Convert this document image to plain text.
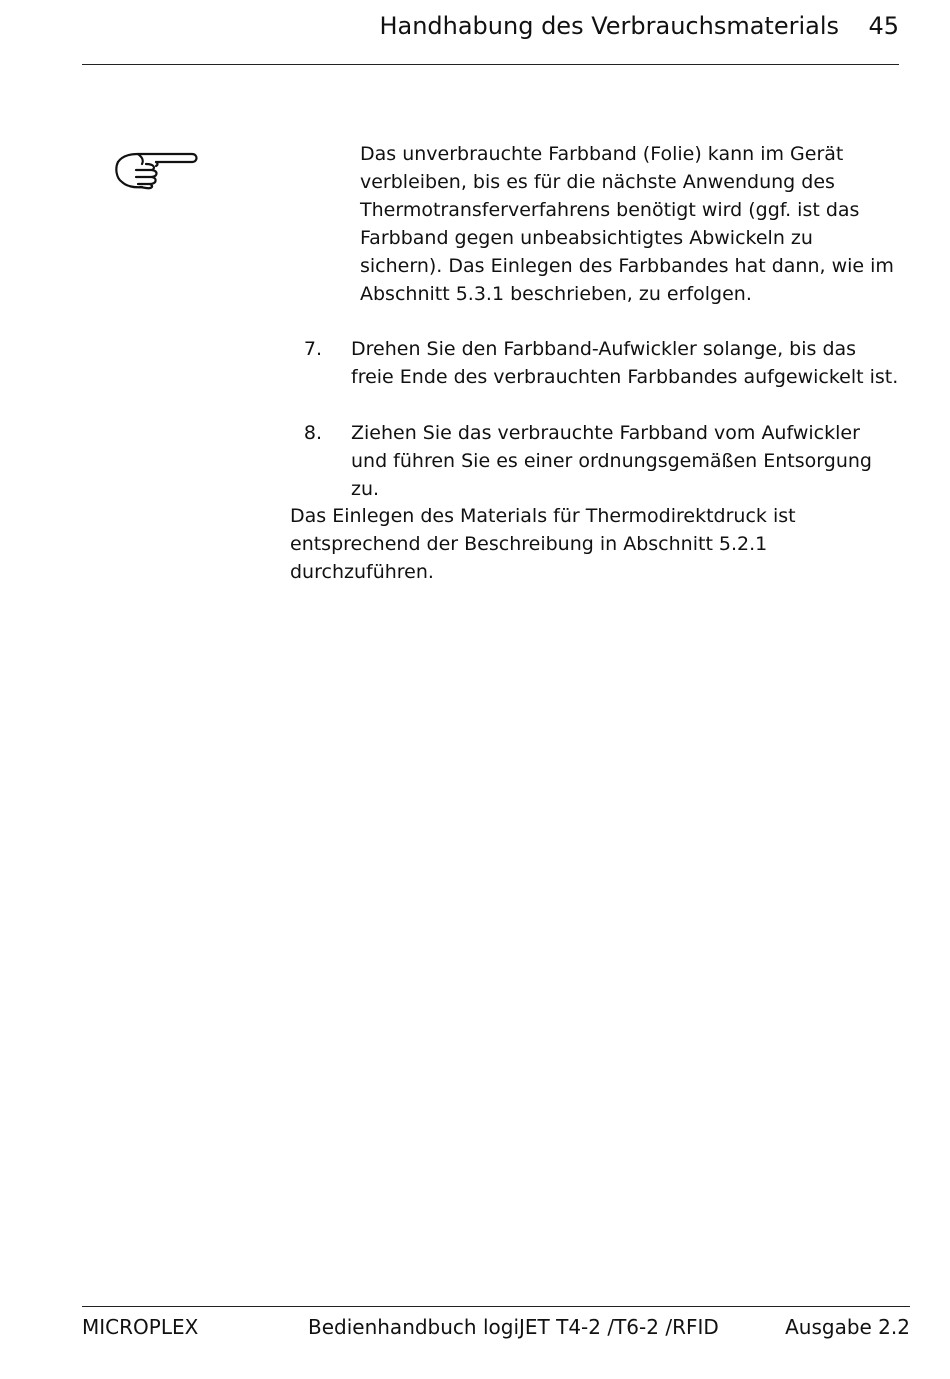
Handhabung des Verbrauchsmaterials 45

Das unverbrauchte Farbband (Folie) kann im Gerät verbleiben, bis es für die nächste Anwendung des Thermotransferverfahrens benötigt wird (ggf. ist das Farbband gegen unbeabsichtigtes Abwickeln zu sichern). Das Einlegen des Farbbandes hat dann, wie im Abschnitt 5.3.1 beschrieben, zu erfolgen.

7. Drehen Sie den Farbband-Aufwickler solange, bis das freie Ende des verbrauchten Farbbandes aufgewickelt ist.
8. Ziehen Sie das verbrauchte Farbband vom Aufwickler und führen Sie es einer ordnungsgemäßen Entsorgung zu.
Das Einlegen des Materials für Thermodirektdruck ist entsprechend der Beschreibung in Abschnitt 5.2.1 durchzuführen.
MICROPLEX	Bedienhandbuch logiJET T4-2 /T6-2 /RFID	Ausgabe 2.2
